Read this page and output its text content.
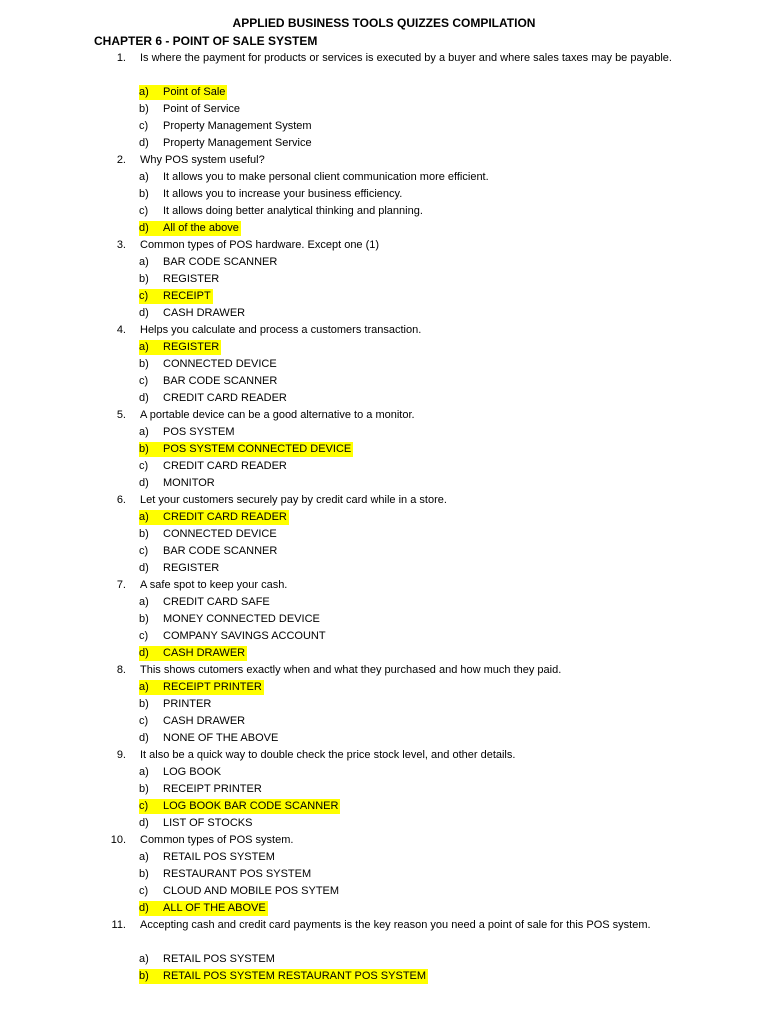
APPLIED BUSINESS TOOLS QUIZZES COMPILATION
CHAPTER 6 - POINT OF SALE SYSTEM
1. Is where the payment for products or services is executed by a buyer and where sales taxes may be payable.
a) Point of Sale
b) Point of Service
c) Property Management System
d) Property Management Service
2. Why POS system useful?
a) It allows you to make personal client communication more efficient.
b) It allows you to increase your business efficiency.
c) It allows doing better analytical thinking and planning.
d) All of the above
3. Common types of POS hardware. Except one (1)
a) BAR CODE SCANNER
b) REGISTER
c) RECEIPT
d) CASH DRAWER
4. Helps you calculate and process a customers transaction.
a) REGISTER
b) CONNECTED DEVICE
c) BAR CODE SCANNER
d) CREDIT CARD READER
5. A portable device can be a good alternative to a monitor.
a) POS SYSTEM
b) POS SYSTEM CONNECTED DEVICE
c) CREDIT CARD READER
d) MONITOR
6. Let your customers securely pay by credit card while in a store.
a) CREDIT CARD READER
b) CONNECTED DEVICE
c) BAR CODE SCANNER
d) REGISTER
7. A safe spot to keep your cash.
a) CREDIT CARD SAFE
b) MONEY CONNECTED DEVICE
c) COMPANY SAVINGS ACCOUNT
d) CASH DRAWER
8. This shows cutomers exactly when and what they purchased and how much they paid.
a) RECEIPT PRINTER
b) PRINTER
c) CASH DRAWER
d) NONE OF THE ABOVE
9. It also be a quick way to double check the price stock level, and other details.
a) LOG BOOK
b) RECEIPT PRINTER
c) LOG BOOK BAR CODE SCANNER
d) LIST OF STOCKS
10. Common types of POS system.
a) RETAIL POS SYSTEM
b) RESTAURANT POS SYSTEM
c) CLOUD AND MOBILE POS SYTEM
d) ALL OF THE ABOVE
11. Accepting cash and credit card payments is the key reason you need a point of sale for this POS system.
a) RETAIL POS SYSTEM
b) RETAIL POS SYSTEM RESTAURANT POS SYSTEM
